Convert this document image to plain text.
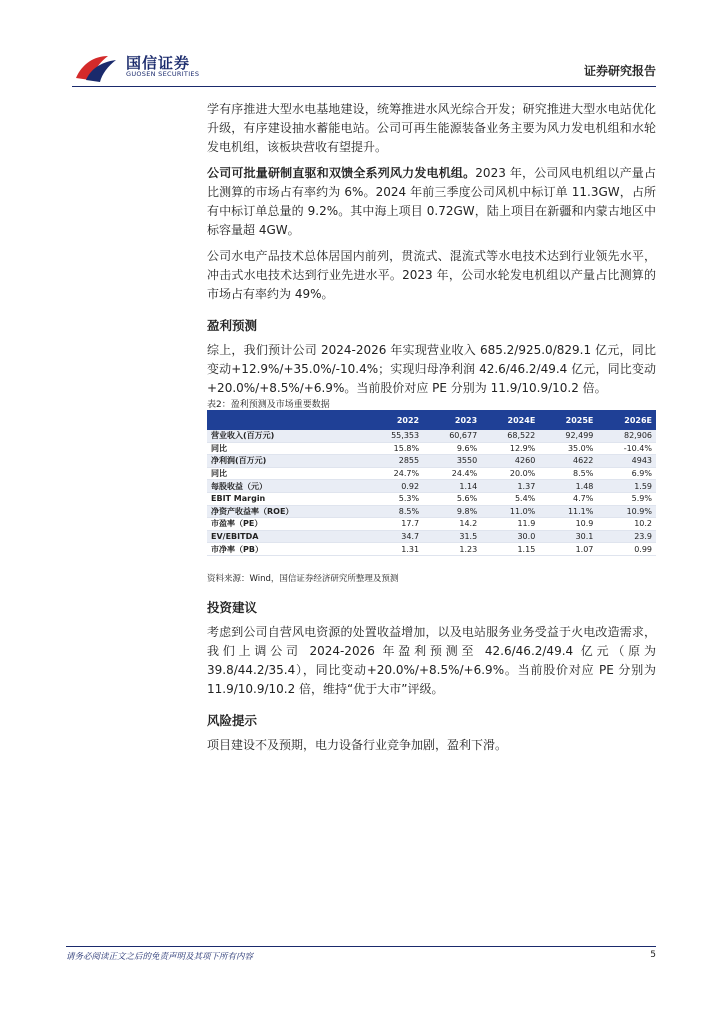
国信证券
GUOSEN SECURITIES	证券研究报告

学有序推进大型水电基地建设，统筹推进水风光综合开发；研究推进大型水电站优化升级，有序建设抽水蓄能电站。公司可再生能源装备业务主要为风力发电机组和水轮发电机组，该板块营收有望提升。

公司可批量研制直驱和双馈全系列风力发电机组。2023 年，公司风电机组以产量占比测算的市场占有率约为 6%。2024 年前三季度公司风机中标订单 11.3GW，占所有中标订单总量的 9.2%。其中海上项目 0.72GW，陆上项目在新疆和内蒙古地区中标容量超 4GW。

公司水电产品技术总体居国内前列，贯流式、混流式等水电技术达到行业领先水平，冲击式水电技术达到行业先进水平。2023 年，公司水轮发电机组以产量占比测算的市场占有率约为 49%。

盈利预测

综上，我们预计公司 2024-2026 年实现营业收入 685.2/925.0/829.1 亿元，同比变动+12.9%/+35.0%/-10.4%；实现归母净利润 42.6/46.2/49.4 亿元，同比变动+20.0%/+8.5%/+6.9%。当前股价对应 PE 分别为 11.9/10.9/10.2 倍。

表2：盈利预测及市场重要数据
	2022	2023	2024E	2025E	2026E
营业收入(百万元)	55,353	60,677	68,522	92,499	82,906
同比	15.8%	9.6%	12.9%	35.0%	-10.4%
净利润(百万元)	2855	3550	4260	4622	4943
同比	24.7%	24.4%	20.0%	8.5%	6.9%
每股收益（元）	0.92	1.14	1.37	1.48	1.59
EBIT Margin	5.3%	5.6%	5.4%	4.7%	5.9%
净资产收益率（ROE）	8.5%	9.8%	11.0%	11.1%	10.9%
市盈率（PE）	17.7	14.2	11.9	10.9	10.2
EV/EBITDA	34.7	31.5	30.0	30.1	23.9
市净率（PB）	1.31	1.23	1.15	1.07	0.99
资料来源：Wind，国信证券经济研究所整理及预测
投资建议

考虑到公司自营风电资源的处置收益增加，以及电站服务业务受益于火电改造需求，我们上调公司 2024-2026 年盈利预测至 42.6/46.2/49.4 亿元（原为 39.8/44.2/35.4），同比变动+20.0%/+8.5%/+6.9%。当前股价对应 PE 分别为 11.9/10.9/10.2 倍，维持“优于大市”评级。

风险提示

项目建设不及预期，电力设备行业竞争加剧，盈利下滑。

请务必阅读正文之后的免责声明及其项下所有内容	5
